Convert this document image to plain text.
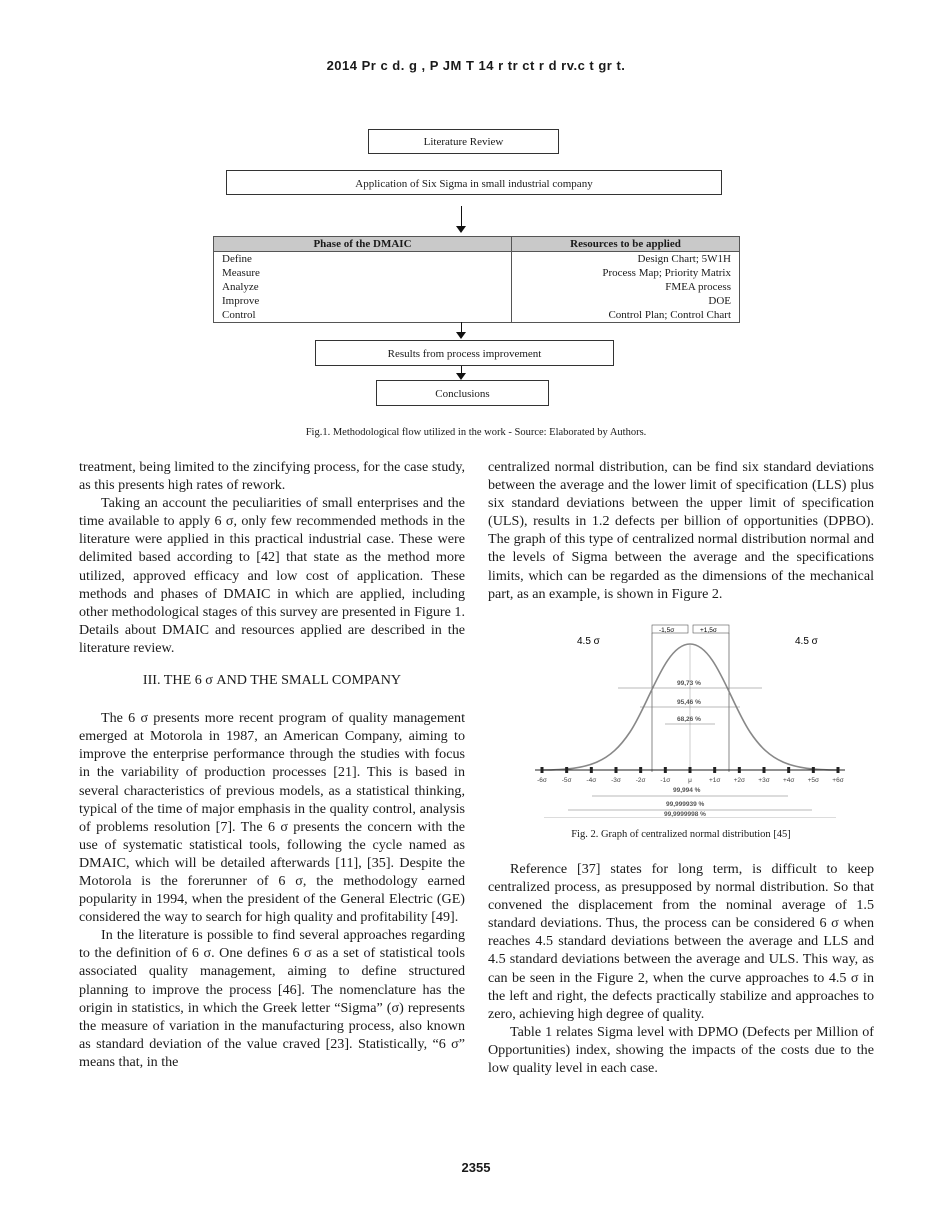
2014 Pr c d. g , P JM T 14 r tr ct r d rv.c t gr t.
Literature Review
Application of Six Sigma in small industrial company
Phase of the DMAIC	Resources to be applied
Define	Design Chart; 5W1H
Measure	Process Map; Priority Matrix
Analyze	FMEA process
Improve	DOE
Control	Control Plan; Control Chart
Results from process improvement
Conclusions
Fig.1. Methodological flow utilized in the work - Source: Elaborated by Authors.

treatment, being limited to the zincifying process, for the case study, as this presents high rates of rework.

Taking an account the peculiarities of small enterprises and the time available to apply 6 σ, only few recommended methods in the literature were applied in this practical industrial case. These were delimited based according to [42] that state as the method more utilized, approved efficacy and low cost of application. These methods and phases of DMAIC in which are applied, including other methodological stages of this survey are presented in Figure 1. Details about DMAIC and resources applied are described in the literature review.

III. THE 6 σ AND THE SMALL COMPANY

The 6 σ presents more recent program of quality management emerged at Motorola in 1987, an American Company, aiming to improve the enterprise performance through the studies with focus in the variability of production processes [21]. This is based in several characteristics of previous models, as a statistical thinking, typical of the time of major emphasis in the quality control, analysis of problems resolution [7]. The 6 σ presents the concern with the use of systematic statistical tools, following the cycle named as DMAIC, which will be detailed afterwards [11], [35]. Despite the Motorola is the forerunner of 6 σ, the methodology earned popularity in 1994, when the president of the General Electric (GE) considered the way to search for high quality and profitability [49].

In the literature is possible to find several approaches regarding to the definition of 6 σ. One defines 6 σ as a set of statistical tools associated quality management, aiming to define structured planning to improve the process [46]. The nomenclature has the origin in statistics, in which the Greek letter “Sigma” (σ) represents the measure of variation in the manufacturing process, also known as standard deviation of the value craved [23]. Statistically, “6 σ” means that, in the

centralized normal distribution, can be find six standard deviations between the average and the lower limit of specification (LLS) plus six standard deviations between the upper limit of specification (ULS), results in 1.2 defects per billion of opportunities (DPBO). The graph of this type of centralized normal distribution normal and the levels of Sigma between the average and the specifications limits, which can be regarded as the dimensions of the mechanical part, as an example, is shown in Figure 2.

4.5 σ	4.5 σ
-1,5σ	+1,5σ
99,73 %
95,46 %
68,26 %
-6σ -5σ -4σ -3σ -2σ -1σ	μ	+1σ +2σ +3σ +4σ +5σ +6σ
99,994 %
99,999939 %
99,9999998 %
Fig. 2. Graph of centralized normal distribution [45]

Reference [37] states for long term, is difficult to keep centralized process, as presupposed by normal distribution. So that convened the displacement from the nominal average of 1.5 standard deviations. Thus, the process can be considered 6 σ when reaches 4.5 standard deviations between the average and LLS and 4.5 standard deviations between the average and ULS. This way, as can be seen in the Figure 2, when the curve approaches to 4.5 σ in the left and right, the defects practically stabilize and approaches to zero, achieving high degree of quality.

Table 1 relates Sigma level with DPMO (Defects per Million of Opportunities) index, showing the impacts of the costs due to the low quality level in each case.

2355
